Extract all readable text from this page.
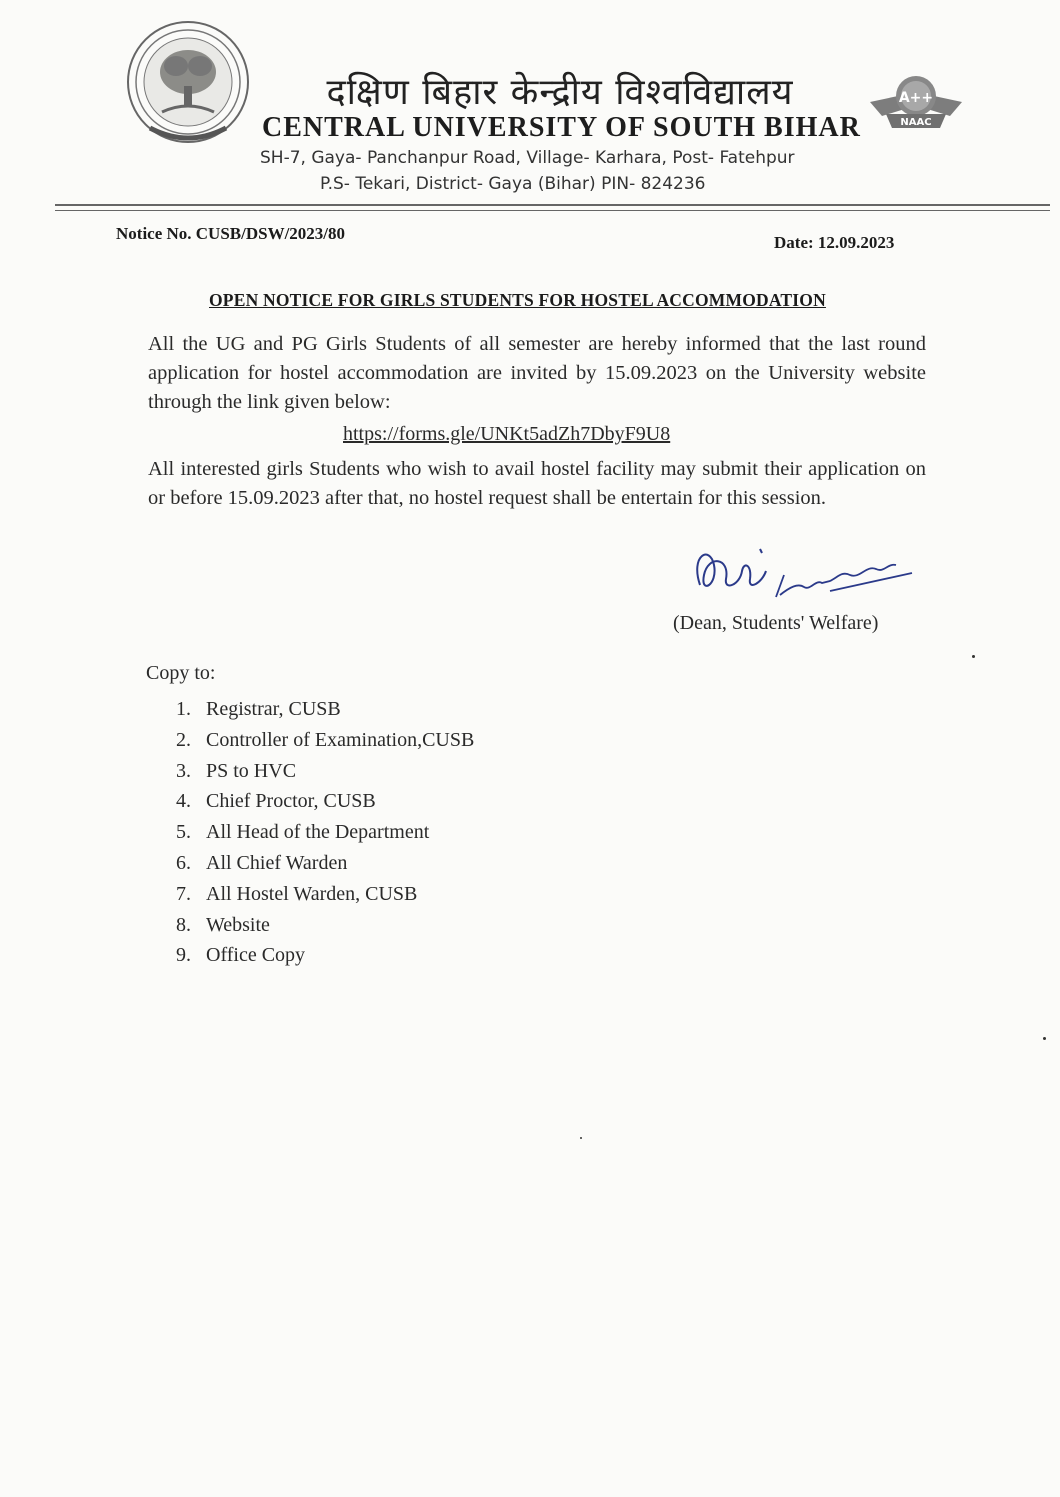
A++
NAAC
दक्षिण बिहार केन्द्रीय विश्वविद्यालय
CENTRAL UNIVERSITY OF SOUTH BIHAR
SH-7, Gaya- Panchanpur Road, Village- Karhara, Post- Fatehpur
P.S- Tekari, District- Gaya (Bihar) PIN- 824236
Notice No. CUSB/DSW/2023/80	Date: 12.09.2023
OPEN NOTICE FOR GIRLS STUDENTS FOR HOSTEL ACCOMMODATION
All the UG and PG Girls Students of all semester are hereby informed that the last round application for hostel accommodation are invited by 15.09.2023 on the University website through the link given below:
https://forms.gle/UNKt5adZh7DbyF9U8
All interested girls Students who wish to avail hostel facility may submit their application on or before 15.09.2023 after that, no hostel request shall be entertain for this session.
(Dean, Students' Welfare)
Copy to:
1. Registrar, CUSB
2. Controller of Examination,CUSB
3. PS to HVC
4. Chief Proctor, CUSB
5. All Head of the Department
6. All Chief Warden
7. All Hostel Warden, CUSB
8. Website
9. Office Copy
